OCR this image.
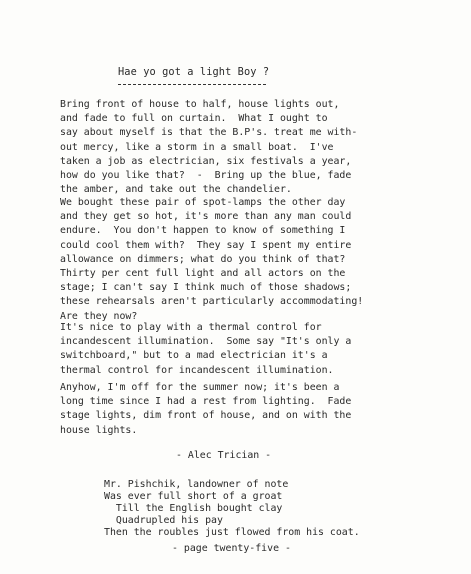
Hae yo got a light Boy ?

Bring front of house to half, house lights out,
and fade to full on curtain.  What I ought to
say about myself is that the B.P's. treat me with-
out mercy, like a storm in a small boat.  I've
taken a job as electrician, six festivals a year,
how do you like that?  -  Bring up the blue, fade
the amber, and take out the chandelier.

We bought these pair of spot-lamps the other day
and they get so hot, it's more than any man could
endure.  You don't happen to know of something I
could cool them with?  They say I spent my entire
allowance on dimmers; what do you think of that?
Thirty per cent full light and all actors on the
stage; I can't say I think much of those shadows;
these rehearsals aren't particularly accommodating!
Are they now?

It's nice to play with a thermal control for
incandescent illumination.  Some say "It's only a
switchboard," but to a mad electrician it's a
thermal control for incandescent illumination.

Anyhow, I'm off for the summer now; it's been a
long time since I had a rest from lighting.  Fade
stage lights, dim front of house, and on with the
house lights.

- Alec Trician -
Mr. Pishchik, landowner of note
Was ever full short of a groat
Till the English bought clay
Quadrupled his pay
Then the roubles just flowed from his coat.
- page twenty-five -
